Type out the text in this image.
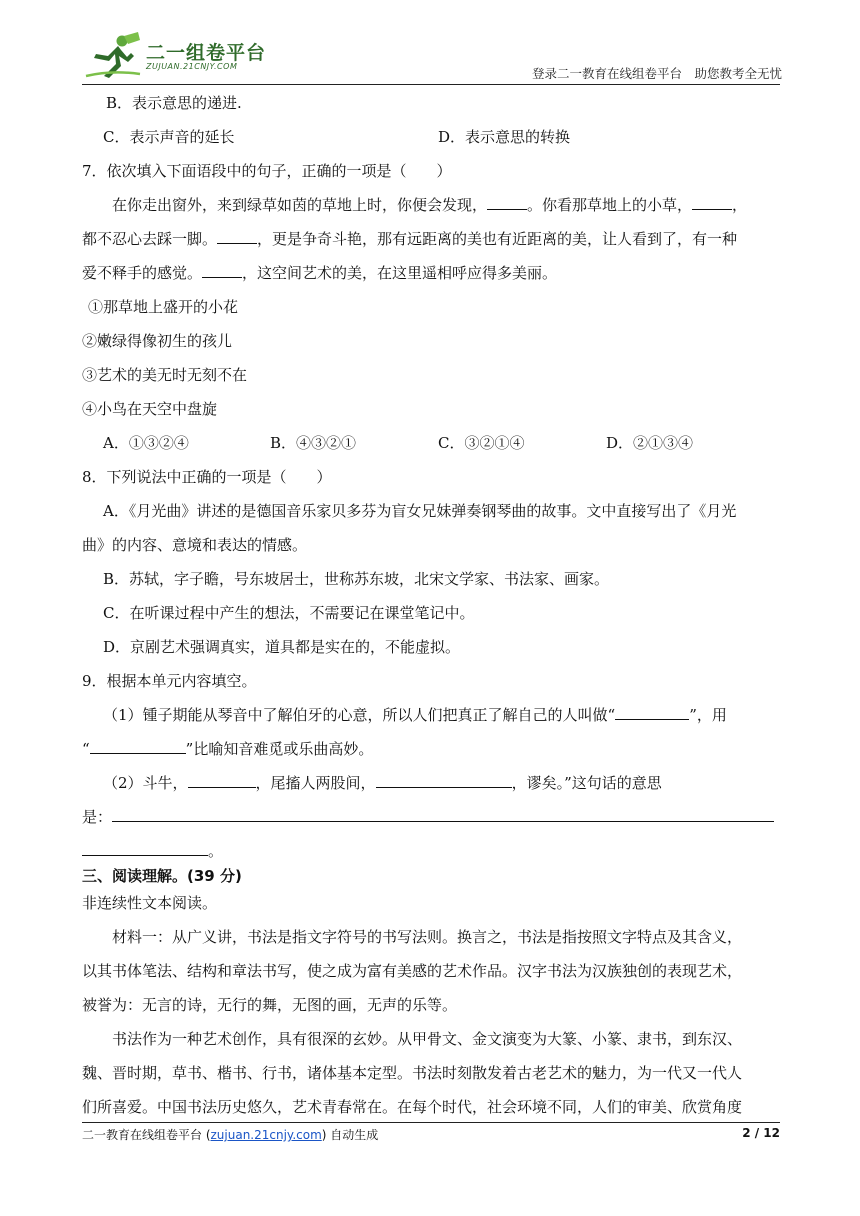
二一组卷平台
ZUJUAN.21CNJY.COM	登录二一教育在线组卷平台　助您教考全无忧
B．表示意思的递进.
C．表示声音的延长	D．表示意思的转换
7．依次填入下面语段中的句子，正确的一项是（　　）
在你走出窗外，来到绿草如茵的草地上时，你便会发现，	。你看那草地上的小草，	，
都不忍心去踩一脚。	，更是争奇斗艳，那有远距离的美也有近距离的美，让人看到了，有一种
爱不释手的感觉。	，这空间艺术的美，在这里遥相呼应得多美丽。
①那草地上盛开的小花
②嫩绿得像初生的孩儿
③艺术的美无时无刻不在
④小鸟在天空中盘旋
A．①③②④	B．④③②①	C．③②①④	D．②①③④
8．下列说法中正确的一项是（　　）
A．《月光曲》讲述的是德国音乐家贝多芬为盲女兄妹弹奏钢琴曲的故事。文中直接写出了《月光
曲》的内容、意境和表达的情感。
B．苏轼，字子瞻，号东坡居士，世称苏东坡，北宋文学家、书法家、画家。
C．在听课过程中产生的想法，不需要记在课堂笔记中。
D．京剧艺术强调真实，道具都是实在的，不能虚拟。
9．根据本单元内容填空。
（1）锺子期能从琴音中了解伯牙的心意，所以人们把真正了解自己的人叫做“	”，用
“	”比喻知音难觅或乐曲高妙。
（2）斗牛，	，尾搐人两股间，	，谬矣。”这句话的意思
是：
。
三、阅读理解。(39 分)
非连续性文本阅读。
材料一：从广义讲，书法是指文字符号的书写法则。换言之，书法是指按照文字特点及其含义，
以其书体笔法、结构和章法书写，使之成为富有美感的艺术作品。汉字书法为汉族独创的表现艺术，
被誉为：无言的诗，无行的舞，无图的画，无声的乐等。
书法作为一种艺术创作，具有很深的玄妙。从甲骨文、金文演变为大篆、小篆、隶书，到东汉、
魏、晋时期，草书、楷书、行书，诸体基本定型。书法时刻散发着古老艺术的魅力，为一代又一代人
们所喜爱。中国书法历史悠久，艺术青春常在。在每个时代，社会环境不同，人们的审美、欣赏角度
二一教育在线组卷平台 (zujuan.21cnjy.com) 自动生成	2 / 12
